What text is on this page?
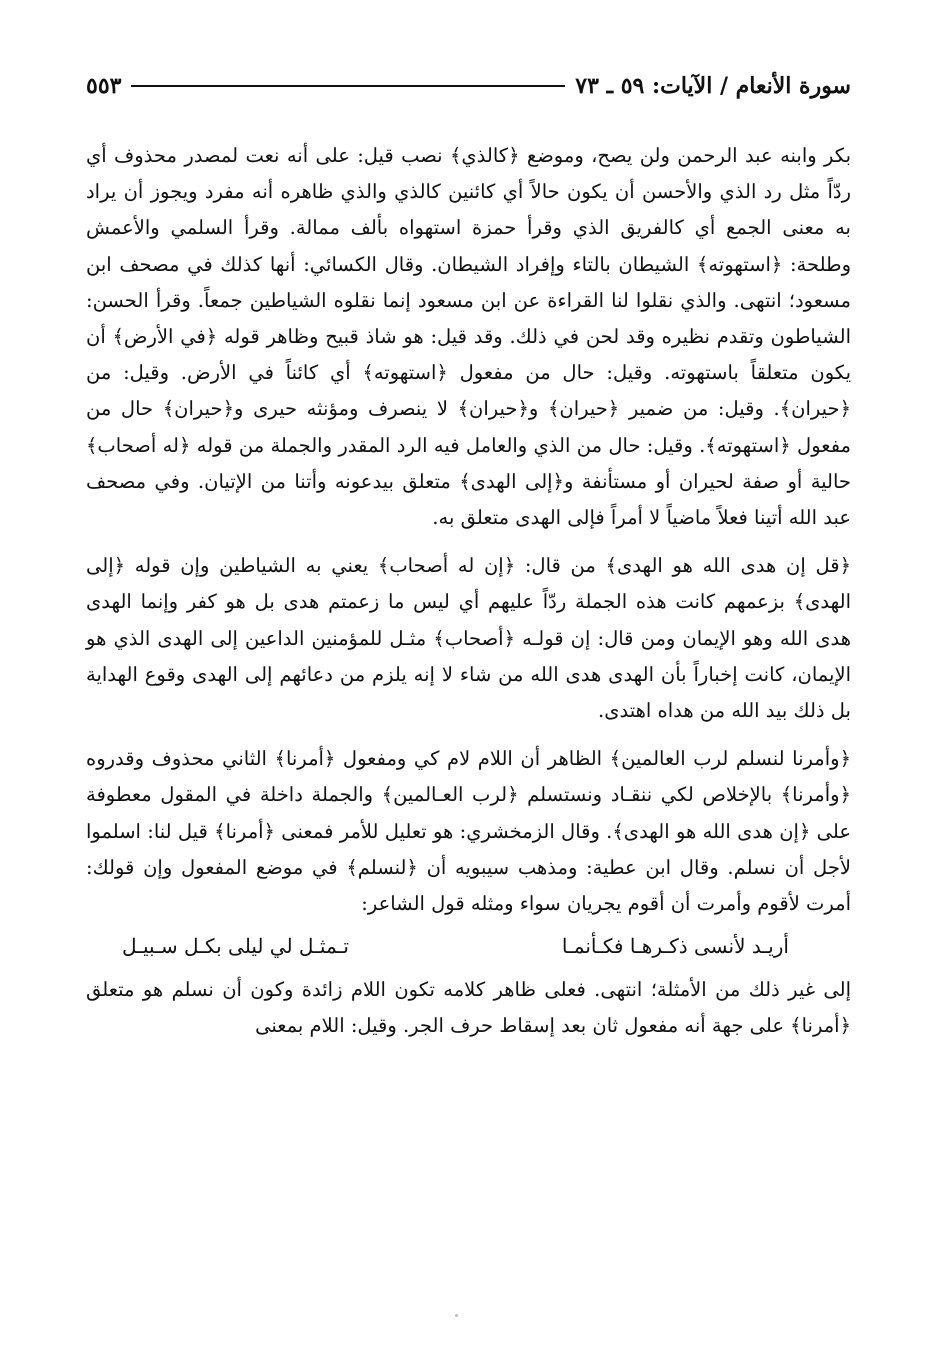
سورة الأنعام / الآيات: ٥٩ ـ ٧٣
٥٥٣

بكر وابنه عبد الرحمن ولن يصح، وموضع ﴿كالذي﴾ نصب قيل: على أنه نعت لمصدر محذوف أي ردّاً مثل رد الذي والأحسن أن يكون حالاً أي كائنين كالذي والذي ظاهره أنه مفرد ويجوز أن يراد به معنى الجمع أي كالفريق الذي وقرأ حمزة استهواه بألف ممالة. وقرأ السلمي والأعمش وطلحة: ﴿استهوته﴾ الشيطان بالتاء وإفراد الشيطان. وقال الكسائي: أنها كذلك في مصحف ابن مسعود؛ انتهى. والذي نقلوا لنا القراءة عن ابن مسعود إنما نقلوه الشياطين جمعاً. وقرأ الحسن: الشياطون وتقدم نظيره وقد لحن في ذلك. وقد قيل: هو شاذ قبيح وظاهر قوله ﴿في الأرض﴾ أن يكون متعلقاً باستهوته. وقيل: حال من مفعول ﴿استهوته﴾ أي كائناً في الأرض. وقيل: من ﴿حيران﴾. وقيل: من ضمير ﴿حيران﴾ و﴿حيران﴾ لا ينصرف ومؤنثه حيرى و﴿حيران﴾ حال من مفعول ﴿استهوته﴾. وقيل: حال من الذي والعامل فيه الرد المقدر والجملة من قوله ﴿له أصحاب﴾ حالية أو صفة لحيران أو مستأنفة و﴿إلى الهدى﴾ متعلق بيدعونه وأتنا من الإتيان. وفي مصحف عبد الله أتينا فعلاً ماضياً لا أمراً فإلى الهدى متعلق به.

﴿قل إن هدى الله هو الهدى﴾ من قال: ﴿إن له أصحاب﴾ يعني به الشياطين وإن قوله ﴿إلى الهدى﴾ بزعمهم كانت هذه الجملة ردّاً عليهم أي ليس ما زعمتم هدى بل هو كفر وإنما الهدى هدى الله وهو الإيمان ومن قال: إن قولـه ﴿أصحاب﴾ مثـل للمؤمنين الداعين إلى الهدى الذي هو الإيمان، كانت إخباراً بأن الهدى هدى الله من شاء لا إنه يلزم من دعائهم إلى الهدى وقوع الهداية بل ذلك بيد الله من هداه اهتدى.

﴿وأمرنا لنسلم لرب العالمين﴾ الظاهر أن اللام لام كي ومفعول ﴿أمرنا﴾ الثاني محذوف وقدروه ﴿وأمرنا﴾ بالإخلاص لكي ننقـاد ونستسلم ﴿لرب العـالمين﴾ والجملة داخلة في المقول معطوفة على ﴿إن هدى الله هو الهدى﴾. وقال الزمخشري: هو تعليل للأمر فمعنى ﴿أمرنا﴾ قيل لنا: اسلموا لأجل أن نسلم. وقال ابن عطية: ومذهب سيبويه أن ﴿لنسلم﴾ في موضع المفعول وإن قولك: أمرت لأقوم وأمرت أن أقوم يجريان سواء ومثله قول الشاعر:

أريـد لأنسى ذكـرهـا فكـأنمـا
تـمثـل لي ليلى بكـل سـبيـل

إلى غير ذلك من الأمثلة؛ انتهى. فعلى ظاهر كلامه تكون اللام زائدة وكون أن نسلم هو متعلق ﴿أمرنا﴾ على جهة أنه مفعول ثان بعد إسقاط حرف الجر. وقيل: اللام بمعنى
